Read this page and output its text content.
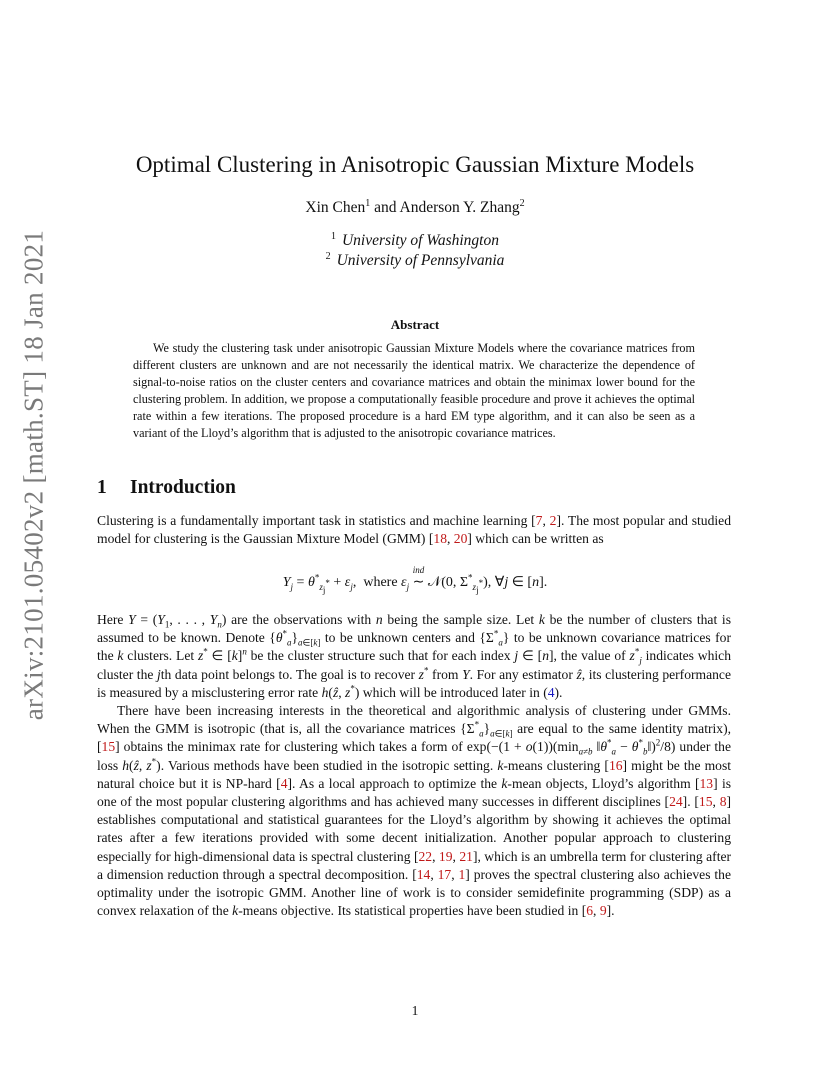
arXiv:2101.05402v2 [math.ST] 18 Jan 2021
Optimal Clustering in Anisotropic Gaussian Mixture Models
Xin Chen$^1$ and Anderson Y. Zhang$^2$
$^1$ University of Washington
$^2$ University of Pennsylvania
Abstract
We study the clustering task under anisotropic Gaussian Mixture Models where the covariance matrices from different clusters are unknown and are not necessarily the identical matrix. We characterize the dependence of signal-to-noise ratios on the cluster centers and covariance matrices and obtain the minimax lower bound for the clustering problem. In addition, we propose a computationally feasible procedure and prove it achieves the optimal rate within a few iterations. The proposed procedure is a hard EM type algorithm, and it can also be seen as a variant of the Lloyd’s algorithm that is adjusted to the anisotropic covariance matrices.
1 Introduction
Clustering is a fundamentally important task in statistics and machine learning [7, 2]. The most popular and studied model for clustering is the Gaussian Mixture Model (GMM) [18, 20] which can be written as
$Y_j = \theta^*_{z_j^*} + \varepsilon_j$,  where $\varepsilon_j$
ind
∼ 𝒩(0, $\Sigma^*_{z_j^*}$), ∀j ∈ [n].
Here $Y = (Y_1$, . . . , $Y_n$) are the observations with n being the sample size. Let k be the number of clusters that is assumed to be known. Denote $\{\theta^*_a\}_{a\in[k]}$ to be unknown centers and $\{\Sigma^*_a\}$ to be unknown covariance matrices for the k clusters. Let z* ∈ $[k]^n$ be the cluster structure such that for each index j ∈ [n], the value of $z^*_j$ indicates which cluster the jth data point belongs to. The goal is to recover z* from Y. For any estimator ẑ, its clustering performance is measured by a misclustering error rate h(ẑ, z*) which will be introduced later in (4).
There have been increasing interests in the theoretical and algorithmic analysis of clustering under GMMs. When the GMM is isotropic (that is, all the covariance matrices $\{\Sigma^*_a\}_{a\in[k]}$ are equal to the same identity matrix), [15] obtains the minimax rate for clustering which takes a form of $\exp(-(1 + o(1))(\min_{a\ne b}$ $‖\theta^*_a$ − $\theta^*_b‖)^2/8$) under the loss h(ẑ, z*). Various methods have been studied in the isotropic setting. k-means clustering [16] might be the most natural choice but it is NP-hard [4]. As a local approach to optimize the k-mean objects, Lloyd’s algorithm [13] is one of the most popular clustering algorithms and has achieved many successes in different disciplines [24]. [15, 8] establishes computational and statistical guarantees for the Lloyd’s algorithm by showing it achieves the optimal rates after a few iterations provided with some decent initialization. Another popular approach to clustering especially for high-dimensional data is spectral clustering [22, 19, 21], which is an umbrella term for clustering after a dimension reduction through a spectral decomposition. [14, 17, 1] proves the spectral clustering also achieves the optimality under the isotropic GMM. Another line of work is to consider semidefinite programming (SDP) as a convex relaxation of the k-means objective. Its statistical properties have been studied in [6, 9].
1
